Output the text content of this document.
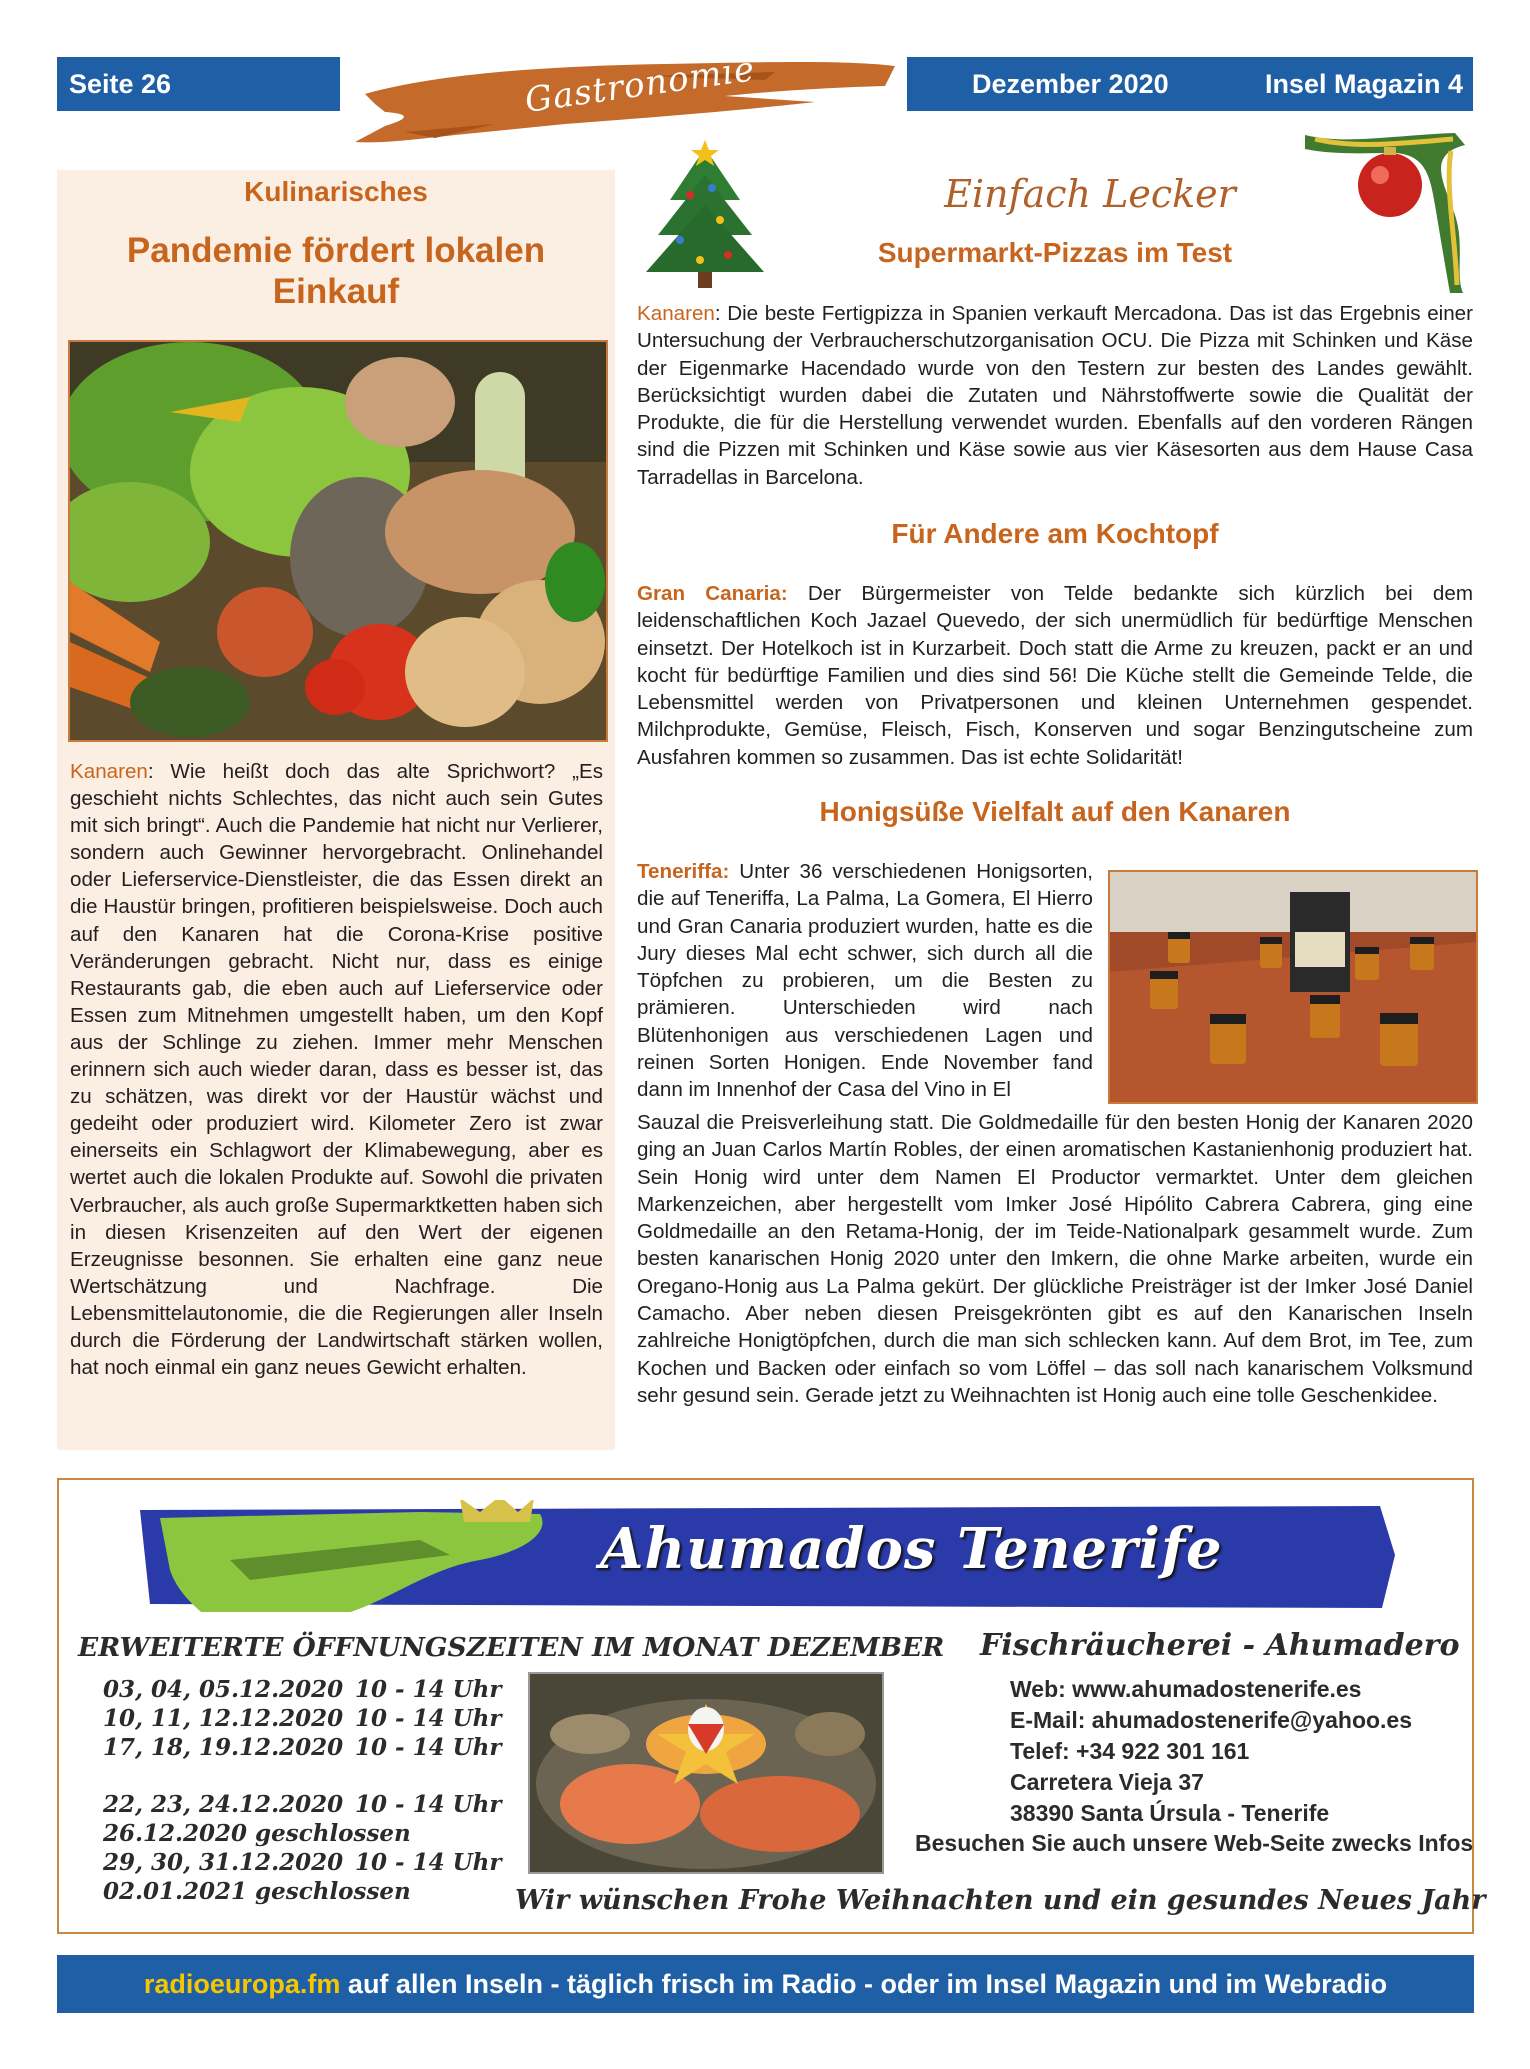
Seite 26	Gastronomie	Dezember 2020	Insel Magazin 4
Kulinarisches
Pandemie fördert lokalen Einkauf
Kanaren: Wie heißt doch das alte Sprichwort? „Es geschieht nichts Schlechtes, das nicht auch sein Gutes mit sich bringt“. Auch die Pandemie hat nicht nur Verlierer, sondern auch Gewinner hervorgebracht. Onlinehandel oder Lieferservice-Dienstleister, die das Essen direkt an die Haustür bringen, profitieren beispielsweise. Doch auch auf den Kanaren hat die Corona-Krise positive Veränderungen gebracht. Nicht nur, dass es einige Restaurants gab, die eben auch auf Lieferservice oder Essen zum Mitnehmen umgestellt haben, um den Kopf aus der Schlinge zu ziehen. Immer mehr Menschen erinnern sich auch wieder daran, dass es besser ist, das zu schätzen, was direkt vor der Haustür wächst und gedeiht oder produziert wird. Kilometer Zero ist zwar einerseits ein Schlagwort der Klimabewegung, aber es wertet auch die lokalen Produkte auf. Sowohl die privaten Verbraucher, als auch große Supermarktketten haben sich in diesen Krisenzeiten auf den Wert der eigenen Erzeugnisse besonnen. Sie erhalten eine ganz neue Wertschätzung und Nachfrage. Die Lebensmittelautonomie, die die Regierungen aller Inseln durch die Förderung der Landwirtschaft stärken wollen, hat noch einmal ein ganz neues Gewicht erhalten.
Einfach Lecker
Supermarkt-Pizzas im Test
Kanaren: Die beste Fertigpizza in Spanien verkauft Mercadona. Das ist das Ergebnis einer Untersuchung der Verbraucherschutzorganisation OCU. Die Pizza mit Schinken und Käse der Eigenmarke Hacendado wurde von den Testern zur besten des Landes gewählt. Berücksichtigt wurden dabei die Zutaten und Nährstoffwerte sowie die Qualität der Produkte, die für die Herstellung verwendet wurden. Ebenfalls auf den vorderen Rängen sind die Pizzen mit Schinken und Käse sowie aus vier Käsesorten aus dem Hause Casa Tarradellas in Barcelona.
Für Andere am Kochtopf
Gran Canaria: Der Bürgermeister von Telde bedankte sich kürzlich bei dem leidenschaftlichen Koch Jazael Quevedo, der sich unermüdlich für bedürftige Menschen einsetzt. Der Hotelkoch ist in Kurzarbeit. Doch statt die Arme zu kreuzen, packt er an und kocht für bedürftige Familien und dies sind 56! Die Küche stellt die Gemeinde Telde, die Lebensmittel werden von Privatpersonen und kleinen Unternehmen gespendet. Milchprodukte, Gemüse, Fleisch, Fisch, Konserven und sogar Benzingutscheine zum Ausfahren kommen so zusammen. Das ist echte Solidarität!
Honigsüße Vielfalt auf den Kanaren
Teneriffa: Unter 36 verschiedenen Honigsorten, die auf Teneriffa, La Palma, La Gomera, El Hierro und Gran Canaria produziert wurden, hatte es die Jury dieses Mal echt schwer, sich durch all die Töpfchen zu probieren, um die Besten zu prämieren. Unterschieden wird nach Blütenhonigen aus verschiedenen Lagen und reinen Sorten Honigen. Ende November fand dann im Innenhof der Casa del Vino in El
Sauzal die Preisverleihung statt. Die Goldmedaille für den besten Honig der Kanaren 2020 ging an Juan Carlos Martín Robles, der einen aromatischen Kastanienhonig produziert hat. Sein Honig wird unter dem Namen El Productor vermarktet. Unter dem gleichen Markenzeichen, aber hergestellt vom Imker José Hipólito Cabrera Cabrera, ging eine Goldmedaille an den Retama-Honig, der im Teide-Nationalpark gesammelt wurde. Zum besten kanarischen Honig 2020 unter den Imkern, die ohne Marke arbeiten, wurde ein Oregano-Honig aus La Palma gekürt. Der glückliche Preisträger ist der Imker José Daniel Camacho. Aber neben diesen Preisgekrönten gibt es auf den Kanarischen Inseln zahlreiche Honigtöpfchen, durch die man sich schlecken kann. Auf dem Brot, im Tee, zum Kochen und Backen oder einfach so vom Löffel – das soll nach kanarischem Volksmund sehr gesund sein. Gerade jetzt zu Weihnachten ist Honig auch eine tolle Geschenkidee.
Ahumados Tenerife
ERWEITERTE ÖFFNUNGSZEITEN IM MONAT DEZEMBER Fischräucherei - Ahumadero
03, 04, 05.12.2020 10 - 14 Uhr
10, 11, 12.12.2020 10 - 14 Uhr
17, 18, 19.12.2020 10 - 14 Uhr
22, 23, 24.12.2020 10 - 14 Uhr
26.12.2020 geschlossen
29, 30, 31.12.2020 10 - 14 Uhr
02.01.2021 geschlossen
Web: www.ahumadostenerife.es
E-Mail: ahumadostenerife@yahoo.es
Telef: +34 922 301 161
Carretera Vieja 37
38390 Santa Úrsula - Tenerife
Besuchen Sie auch unsere Web-Seite zwecks Infos
Wir wünschen Frohe Weihnachten und ein gesundes Neues Jahr
radioeuropa.fm auf allen Inseln - täglich frisch im Radio - oder im Insel Magazin und im Webradio
